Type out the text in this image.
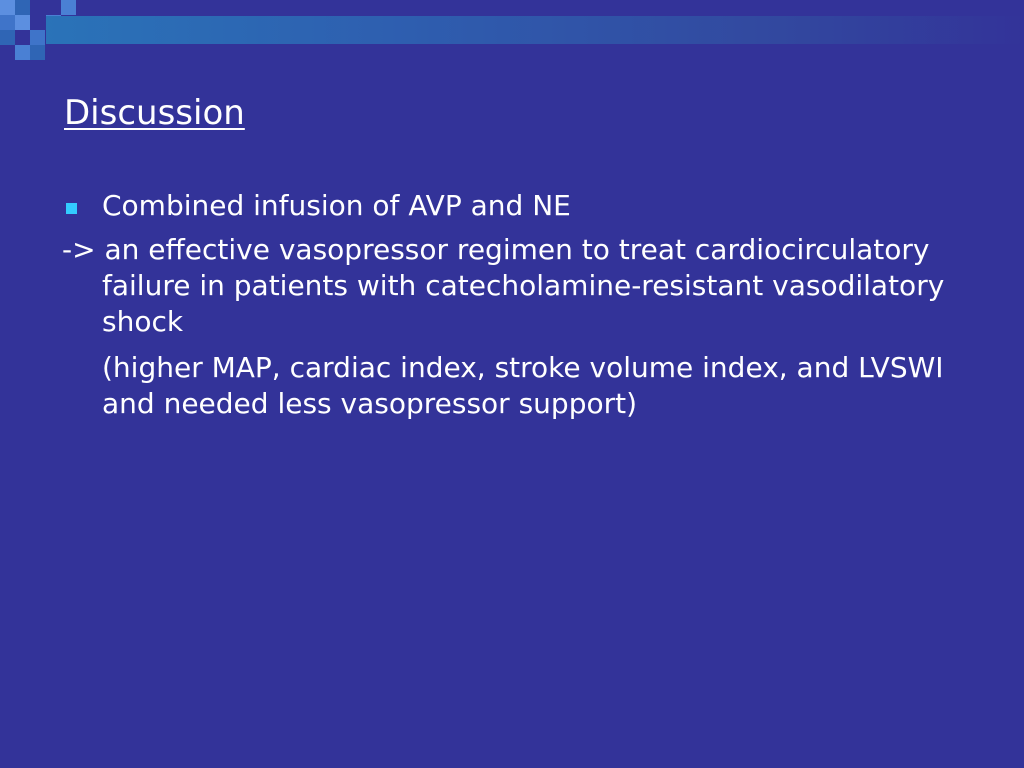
Discussion
Combined infusion of AVP and NE
-> an effective vasopressor regimen to treat cardiocirculatory failure in patients with catecholamine-resistant vasodilatory shock
(higher MAP, cardiac index, stroke volume index, and LVSWI and needed less vasopressor support)
